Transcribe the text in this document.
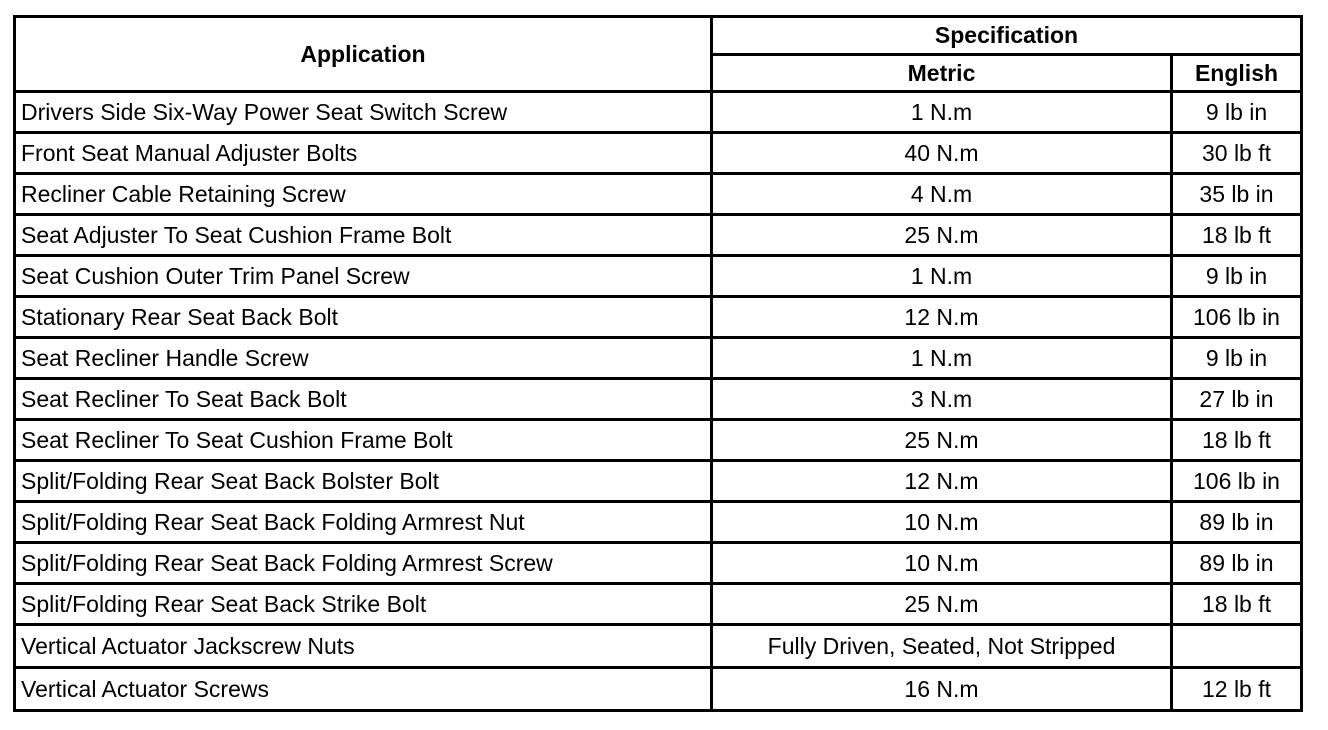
Application	Specification	
	Metric	English
Drivers Side Six-Way Power Seat Switch Screw	1 N.m	9 lb in
Front Seat Manual Adjuster Bolts	40 N.m	30 lb ft
Recliner Cable Retaining Screw	4 N.m	35 lb in
Seat Adjuster To Seat Cushion Frame Bolt	25 N.m	18 lb ft
Seat Cushion Outer Trim Panel Screw	1 N.m	9 lb in
Stationary Rear Seat Back Bolt	12 N.m	106 lb in
Seat Recliner Handle Screw	1 N.m	9 lb in
Seat Recliner To Seat Back Bolt	3 N.m	27 lb in
Seat Recliner To Seat Cushion Frame Bolt	25 N.m	18 lb ft
Split/Folding Rear Seat Back Bolster Bolt	12 N.m	106 lb in
Split/Folding Rear Seat Back Folding Armrest Nut	10 N.m	89 lb in
Split/Folding Rear Seat Back Folding Armrest Screw	10 N.m	89 lb in
Split/Folding Rear Seat Back Strike Bolt	25 N.m	18 lb ft
Vertical Actuator Jackscrew Nuts	Fully Driven, Seated, Not Stripped	
Vertical Actuator Screws	16 N.m	12 lb ft
